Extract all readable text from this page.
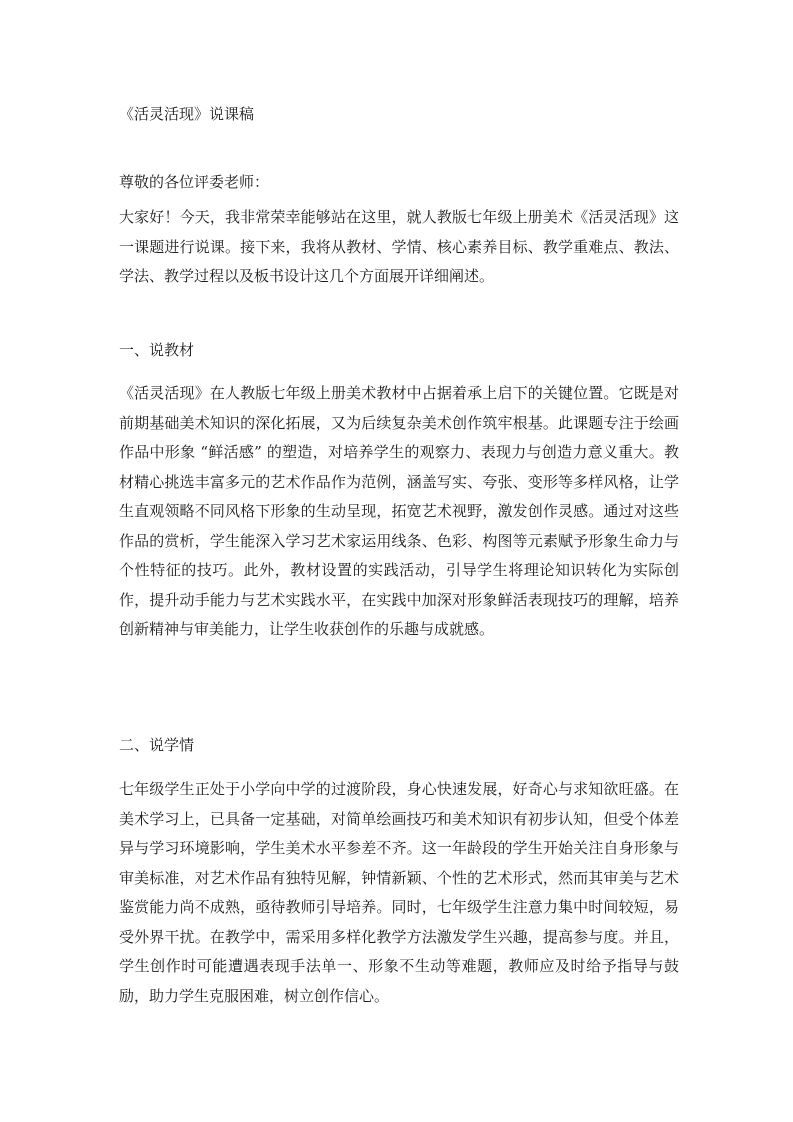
《活灵活现》说课稿
尊敬的各位评委老师：

大家好！今天，我非常荣幸能够站在这里，就人教版七年级上册美术《活灵活现》这一课题进行说课。接下来，我将从教材、学情、核心素养目标、教学重难点、教法、学法、教学过程以及板书设计这几个方面展开详细阐述。

一、说教材

《活灵活现》在人教版七年级上册美术教材中占据着承上启下的关键位置。它既是对前期基础美术知识的深化拓展，又为后续复杂美术创作筑牢根基。此课题专注于绘画作品中形象 “鲜活感” 的塑造，对培养学生的观察力、表现力与创造力意义重大。教材精心挑选丰富多元的艺术作品作为范例，涵盖写实、夸张、变形等多样风格，让学生直观领略不同风格下形象的生动呈现，拓宽艺术视野，激发创作灵感。通过对这些作品的赏析，学生能深入学习艺术家运用线条、色彩、构图等元素赋予形象生命力与个性特征的技巧。此外，教材设置的实践活动，引导学生将理论知识转化为实际创作，提升动手能力与艺术实践水平，在实践中加深对形象鲜活表现技巧的理解，培养创新精神与审美能力，让学生收获创作的乐趣与成就感。

二、说学情

七年级学生正处于小学向中学的过渡阶段，身心快速发展，好奇心与求知欲旺盛。在美术学习上，已具备一定基础，对简单绘画技巧和美术知识有初步认知，但受个体差异与学习环境影响，学生美术水平参差不齐。这一年龄段的学生开始关注自身形象与审美标准，对艺术作品有独特见解，钟情新颖、个性的艺术形式，然而其审美与艺术鉴赏能力尚不成熟，亟待教师引导培养。同时，七年级学生注意力集中时间较短，易受外界干扰。在教学中，需采用多样化教学方法激发学生兴趣，提高参与度。并且，学生创作时可能遭遇表现手法单一、形象不生动等难题，教师应及时给予指导与鼓励，助力学生克服困难，树立创作信心。
